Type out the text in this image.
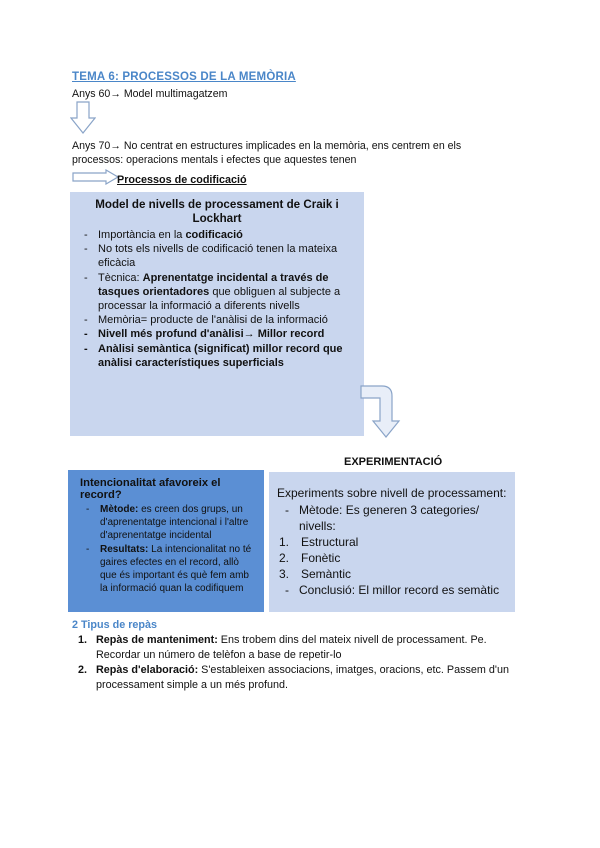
TEMA 6: PROCESSOS DE LA MEMÒRIA
Anys 60→ Model multimagatzem
Anys 70→ No centrat en estructures implicades en la memòria, ens centrem en els
processos: operacions mentals i efectes que aquestes tenen
Processos de codificació
Model de nivells de processament de Craik i Lockhart
- Importància en la codificació
- No tots els nivells de codificació tenen la mateixa eficàcia
- Tècnica: Aprenentatge incidental a través de tasques orientadores que obliguen al subjecte a processar la informació a diferents nivells
- Memòria= producte de l'anàlisi de la informació
- Nivell més profund d'anàlisi→ Millor record
- Anàlisi semàntica (significat) millor record que anàlisi característiques superficials
EXPERIMENTACIÓ
Intencionalitat afavoreix el record?
- Mètode: es creen dos grups, un d'aprenentatge intencional i l'altre d'aprenentatge incidental
- Resultats: La intencionalitat no té gaires efectes en el record, allò que és important és què fem amb la informació quan la codifiquem
Experiments sobre nivell de processament:
- Mètode: Es generen 3 categories/ nivells:
1. Estructural
2. Fonètic
3. Semàntic
- Conclusió: El millor record es semàtic
2 Tipus de repàs
1. Repàs de manteniment: Ens trobem dins del mateix nivell de processament. Pe. Recordar un número de telèfon a base de repetir-lo
2. Repàs d'elaboració: S'estableixen associacions, imatges, oracions, etc. Passem d'un processament simple a un més profund.
